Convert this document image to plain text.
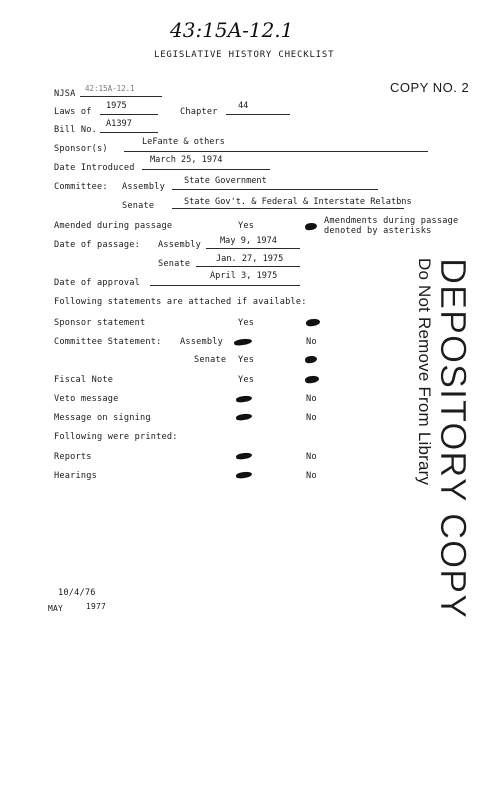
43:15A-12.1
LEGISLATIVE HISTORY CHECKLIST
COPY NO. 2
NJSA
42:15A-12.1
Laws of
1975
Chapter
44
Bill No.
A1397
Sponsor(s)
LeFante & others
Date Introduced
March 25, 1974
Committee: Assembly
State Government
Senate	State Gov't. & Federal & Interstate Relatbns
Amended during passage	Yes	Amendments during passage
denoted by asterisks
Date of passage: Assembly May 9, 1974
Senate	Jan. 27, 1975
Date of approval
April 3, 1975
Following statements are attached if available:
Sponsor statement	Yes
Committee Statement: Assembly	No
Senate Yes
Fiscal Note	Yes
Veto message	No
Message on signing	No
Following were printed:
Reports	No
Hearings	No
10/4/76
MAY	1977	DEPOSITORY COPY
Do Not Remove From Library
